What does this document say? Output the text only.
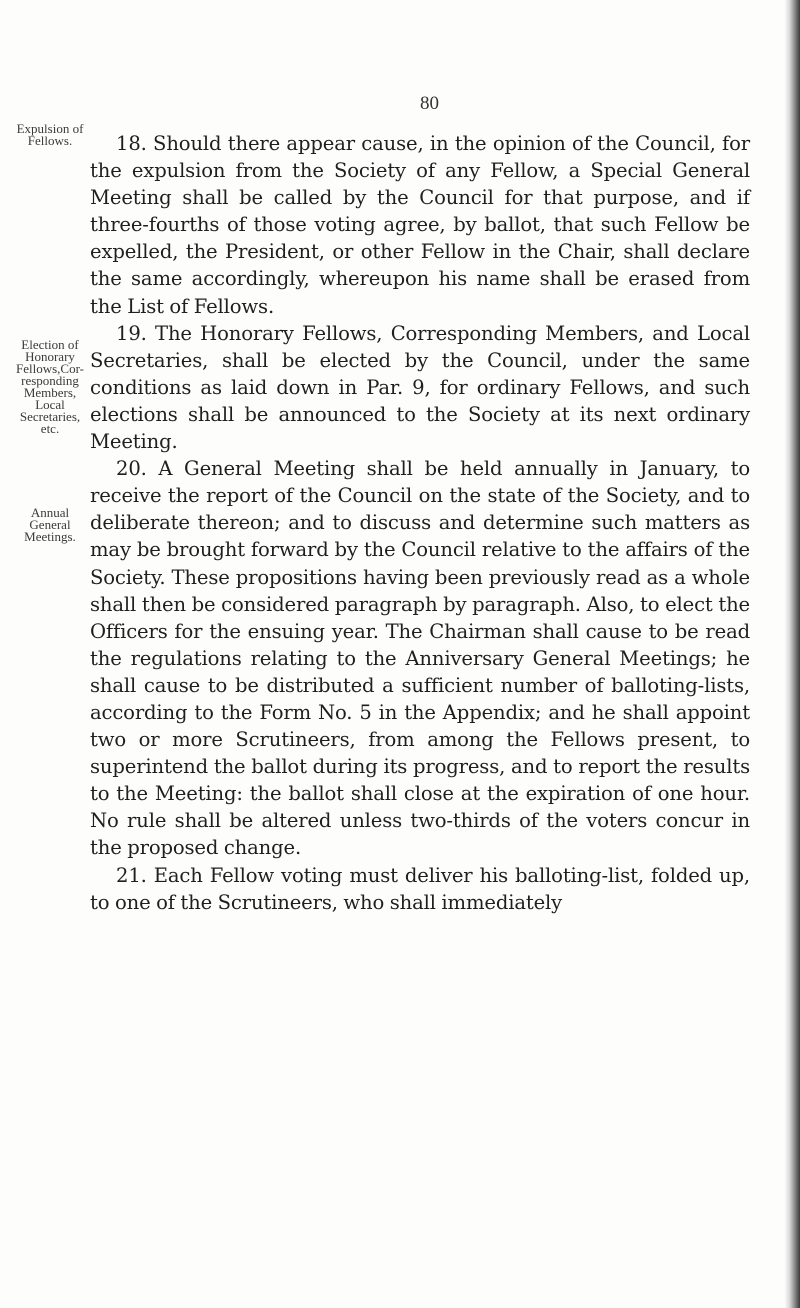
80
Expulsion of
Fellows.
Election of
Honorary
Fellows,Cor-
responding
Members,
Local
Secretaries,
etc.
Annual
General
Meetings.

18. Should there appear cause, in the opinion of the Council, for the expulsion from the Society of any Fellow, a Special General Meeting shall be called by the Council for that purpose, and if three-fourths of those voting agree, by ballot, that such Fellow be expelled, the President, or other Fellow in the Chair, shall declare the same accordingly, whereupon his name shall be erased from the List of Fellows.

19. The Honorary Fellows, Corresponding Members, and Local Secretaries, shall be elected by the Council, under the same conditions as laid down in Par. 9, for ordinary Fellows, and such elections shall be announced to the Society at its next ordinary Meeting.

20. A General Meeting shall be held annually in January, to receive the report of the Council on the state of the Society, and to deliberate thereon; and to discuss and determine such matters as may be brought forward by the Council relative to the affairs of the Society. These propositions having been previously read as a whole shall then be considered paragraph by paragraph. Also, to elect the Officers for the ensuing year. The Chairman shall cause to be read the regulations relating to the Anniversary General Meetings; he shall cause to be distributed a sufficient number of balloting-lists, according to the Form No. 5 in the Appendix; and he shall appoint two or more Scrutineers, from among the Fellows present, to superintend the ballot during its progress, and to report the results to the Meeting: the ballot shall close at the expiration of one hour. No rule shall be altered unless two-thirds of the voters concur in the proposed change.

21. Each Fellow voting must deliver his balloting-list, folded up, to one of the Scrutineers, who shall immediately
